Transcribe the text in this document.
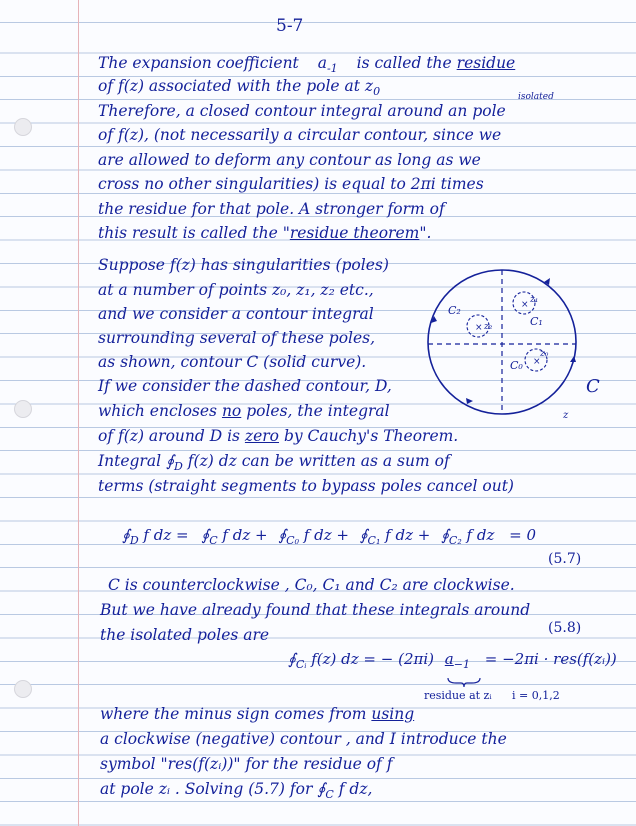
5-7
The expansion coefficient $a_{-1}$ is called the residue
of f(z) associated with the pole at $z_0$	isolated
Therefore, a closed contour integral around an pole
of f(z), (not necessarily a circular contour, since we
are allowed to deform any contour as long as we
cross no other singularities) is equal to 2πi times
the residue for that pole. A stronger form of
this result is called the "residue theorem".
Suppose f(z) has singularities (poles)
at a number of points z₀, z₁, z₂ etc.,
and we consider a contour integral
surrounding several of these poles,
as shown, contour C (solid curve).
If we consider the dashed contour, D,
which encloses no poles, the integral
of f(z) around D is zero by Cauchy's Theorem.
Integral $∮_D$ f(z) dz can be written as a sum of
terms (straight segments to bypass poles cancel out)
×
×
×
C₂
z₂
z₁
C₁
C₀
z₀
C
z
$∮_D$ f dz = $∮_C$ f dz + $∮_{C_0}$ f dz + $∮_{C_1}$ f dz + $∮_{C_2}$ f dz = 0
(5.7)
C is counterclockwise , C₀, C₁ and C₂ are clockwise.
But we have already found that these integrals around
the isolated poles are	(5.8)
$∮_{Cᵢ}$ f(z) dz = − (2πi) $a_{-1} = -2\pi i$ · res(f(zᵢ))
residue at zᵢ i = 0,1,2
where the minus sign comes from using
a clockwise (negative) contour , and I introduce the
symbol "res(f(zᵢ))" for the residue of f
at pole zᵢ . Solving (5.7) for $∮_C$ f dz,
